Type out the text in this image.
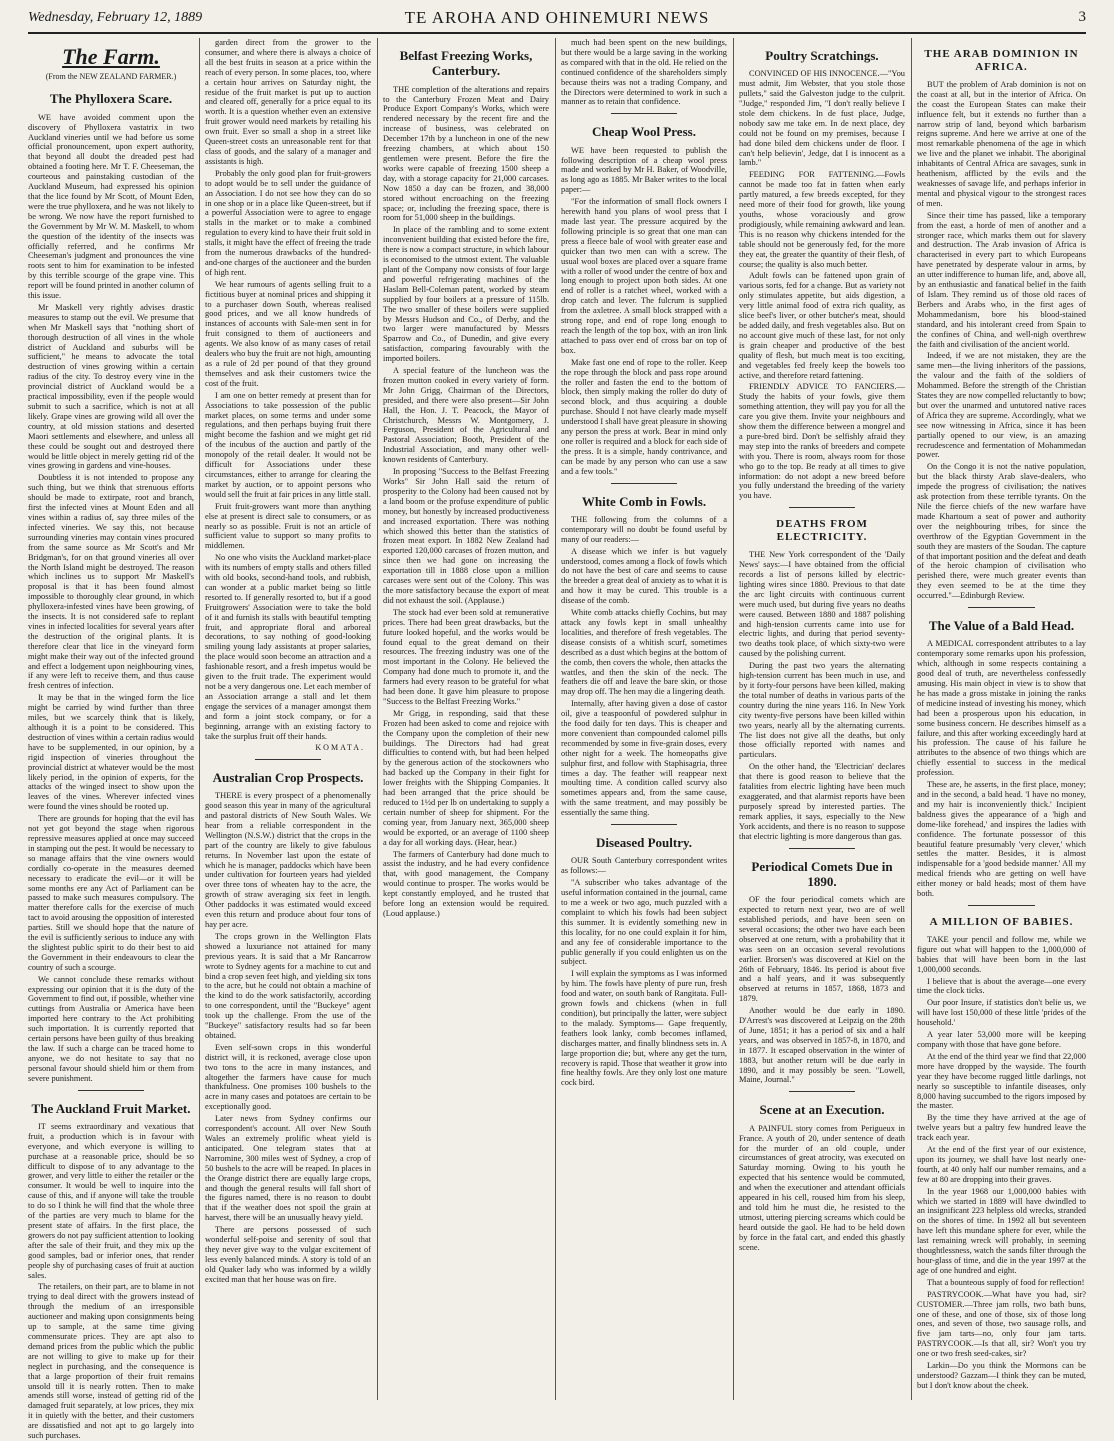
Wednesday, February 12, 1889	TE AROHA AND OHINEMURI NEWS	3
The Farm.
(From the NEW ZEALAND FARMER.)
The Phylloxera Scare.

WE have avoided comment upon the discovery of Phylloxera vastatrix in two Auckland vineries until we had before us some official pronouncement, upon expert authority, that beyond all doubt the dreaded pest had obtained a footing here. Mr T. F. Cheeseman, the courteous and painstaking custodian of the Auckland Museum, had expressed his opinion that the lice found by Mr Scott, of Mount Eden, were the true phylloxera, and he was not likely to be wrong. We now have the report furnished to the Government by Mr W. M. Maskell, to whom the question of the identity of the insects was officially referred, and he confirms Mr Cheeseman's judgment and pronounces the vine roots sent to him for examination to be infested by this terrible scourge of the grape vine. This report will be found printed in another column of this issue.

Mr Maskell very rightly advises drastic measures to stamp out the evil. We presume that when Mr Maskell says that "nothing short of thorough destruction of all vines in the whole district of Auckland and suburbs will be sufficient," he means to advocate the total destruction of vines growing within a certain radius of the city. To destroy every vine in the provincial district of Auckland would be a practical impossibility, even if the people would submit to such a sacrifice, which is not at all likely. Grape vines are growing wild all over the country, at old mission stations and deserted Maori settlements and elsewhere, and unless all these could be sought out and destroyed there would be little object in merely getting rid of the vines growing in gardens and vine-houses.

Doubtless it is not intended to propose any such thing, but we think that strenuous efforts should be made to extirpate, root and branch, first the infected vines at Mount Eden and all vines within a radius of, say three miles of the infected vineries. We say this, not because surrounding vineries may contain vines procured from the same source as Mr Scott's and Mr Bridgman's, for on that ground vineries all over the North Island might be destroyed. The reason which inclines us to support Mr Maskell's proposal is that it has been found almost impossible to thoroughly clear ground, in which phylloxera-infested vines have been growing, of the insects. It is not considered safe to replant vines in infected localities for several years after the destruction of the original plants. It is therefore clear that lice in the vineyard form might make their way out of the infected ground and effect a lodgement upon neighbouring vines, if any were left to receive them, and thus cause fresh centres of infection.

It may be that in the winged form the lice might be carried by wind further than three miles, but we scarcely think that is likely, although it is a point to be considered. This destruction of vines within a certain radius would have to be supplemented, in our opinion, by a rigid inspection of vineries throughout the provincial district at whatever would be the most likely period, in the opinion of experts, for the attacks of the winged insect to show upon the leaves of the vines. Wherever infected vines were found the vines should be rooted up.

There are grounds for hoping that the evil has not yet got beyond the stage when rigorous repressive measures applied at once may succeed in stamping out the pest. It would be necessary to so manage affairs that the vine owners would cordially co-operate in the measures deemed necessary to eradicate the evil—or it will be some months ere any Act of Parliament can be passed to make such measures compulsory. The matter therefore calls for the exercise of much tact to avoid arousing the opposition of interested parties. Still we should hope that the nature of the evil is sufficiently serious to induce any with the slightest public spirit to do their best to aid the Government in their endeavours to clear the country of such a scourge.

We cannot conclude these remarks without expressing our opinion that it is the duty of the Government to find out, if possible, whether vine cuttings from Australia or America have been imported here contrary to the Act prohibiting such importation. It is currently reported that certain persons have been guilty of thus breaking the law. If such a charge can be traced home to anyone, we do not hesitate to say that no personal favour should shield him or them from severe punishment.

The Auckland Fruit Market.

IT seems extraordinary and vexatious that fruit, a production which is in favour with everyone, and which everyone is willing to purchase at a reasonable price, should be so difficult to dispose of to any advantage to the grower, and very little to either the retailer or the consumer. It would be well to inquire into the cause of this, and if anyone will take the trouble to do so I think he will find that the whole three of the parties are very much to blame for the present state of affairs. In the first place, the growers do not pay sufficient attention to looking after the sale of their fruit, and they mix up the good samples, bad or inferior ones, that render people shy of purchasing cases of fruit at auction sales.

The retailers, on their part, are to blame in not trying to deal direct with the growers instead of through the medium of an irresponsible auctioneer and making upon consignments being up to sample, at the same time giving commensurate prices. They are apt also to demand prices from the public which the public are not willing to give to make up for their neglect in purchasing, and the consequence is that a large proportion of their fruit remains unsold till it is nearly rotten. Then to make amends still worse, instead of getting rid of the damaged fruit separately, at low prices, they mix it in quietly with the better, and their customers are dissatisfied and not apt to go largely into such purchases.

garden direct from the grower to the consumer, and where there is always a choice of all the best fruits in season at a price within the reach of every person. In some places, too, where a certain hour arrives on Saturday night, the residue of the fruit market is put up to auction and cleared off, generally for a price equal to its worth. It is a question whether even an extensive fruit grower would need markets by retailing his own fruit. Ever so small a shop in a street like Queen-street costs an unreasonable rent for that class of goods, and the salary of a manager and assistants is high.

Probably the only good plan for fruit-growers to adopt would be to sell under the guidance of an Association. I do not see how they can do so in one shop or in a place like Queen-street, but if a powerful Association were to agree to engage stalls in the market or to make a combined regulation to every kind to have their fruit sold in stalls, it might have the effect of freeing the trade from the numerous drawbacks of the hundred-and-one charges of the auctioneer and the burden of high rent.

We hear rumours of agents selling fruit to a fictitious buyer at nominal prices and shipping it to a purchaser down South, whereas realised good prices, and we all know hundreds of instances of accounts with Sale-men sent in for fruit consigned to them of auctioneers and agents. We also know of as many cases of retail dealers who buy the fruit are not high, amounting as a rule of 2d per pound of that they ground themselves and ask their customers twice the cost of the fruit.

I am one on better remedy at present than for Associations to take possession of the public market places, on some terms and under some regulations, and then perhaps buying fruit there might become the fashion and we might get rid of the incubus of the auction and partly of the monopoly of the retail dealer. It would not be difficult for Associations under these circumstances, either to arrange for clearing the market by auction, or to appoint persons who would sell the fruit at fair prices in any little stall.

Fruit fruit-growers want more than anything else at present is direct sale to consumers, or as nearly so as possible. Fruit is not an article of sufficient value to support so many profits to middlemen.

No one who visits the Auckland market-place with its numbers of empty stalls and others filled with old books, second-hand tools, and rubbish, can wonder at a public market being so little resorted to. If generally resorted to, but if a good Fruitgrowers' Association were to take the bold of it and furnish its stalls with beautiful tempting fruit, and appropriate floral and arboreal decorations, to say nothing of good-looking smiling young lady assistants at proper salaries, the place would soon become an attraction and a fashionable resort, and a fresh impetus would be given to the fruit trade. The experiment would not be a very dangerous one. Let each member of an Association arrange a stall and let them engage the services of a manager amongst them and form a joint stock company, or for a beginning, arrange with an existing factory to take the surplus fruit off their hands.

KOMATA.
Australian Crop Prospects.

THERE is every prospect of a phenomenally good season this year in many of the agricultural and pastoral districts of New South Wales. We hear from a reliable correspondent in the Wellington (N.S.W.) district that the crops in the part of the country are likely to give fabulous returns. In November last upon the estate of which he is manager, paddocks which have been under cultivation for fourteen years had yielded over three tons of wheaten hay to the acre, the growth of straw averaging six feet in length. Other paddocks it was estimated would exceed even this return and produce about four tons of hay per acre.

The crops grown in the Wellington Flats showed a luxuriance not attained for many previous years. It is said that a Mr Rancarrow wrote to Sydney agents for a machine to cut and bind a crop seven feet high, and yielding six tons to the acre, but he could not obtain a machine of the kind to do the work satisfactorily, according to one correspondent, until the "Buckeye" agent took up the challenge. From the use of the "Buckeye" satisfactory results had so far been obtained.

Even self-sown crops in this wonderful district will, it is reckoned, average close upon two tons to the acre in many instances, and altogether the farmers have cause for much thankfulness. One promises 100 bushels to the acre in many cases and potatoes are certain to be exceptionally good.

Later news from Sydney confirms our correspondent's account. All over New South Wales an extremely prolific wheat yield is anticipated. One telegram states that at Narromine, 300 miles west of Sydney, a crop of 50 bushels to the acre will be reaped. In places in the Orange district there are equally large crops, and though the general results will fall short of the figures named, there is no reason to doubt that if the weather does not spoil the grain at harvest, there will be an unusually heavy yield.

There are persons possessed of such wonderful self-poise and serenity of soul that they never give way to the vulgar excitement of less evenly balanced minds. A story is told of an old Quaker lady who was informed by a wildly excited man that her house was on fire.

Belfast Freezing Works, Canterbury.

THE completion of the alterations and repairs to the Canterbury Frozen Meat and Dairy Produce Export Company's Works, which were rendered necessary by the recent fire and the increase of business, was celebrated on December 17th by a luncheon in one of the new freezing chambers, at which about 150 gentlemen were present. Before the fire the works were capable of freezing 1500 sheep a day, with a storage capacity for 21,000 carcases. Now 1850 a day can be frozen, and 38,000 stored without encroaching on the freezing space; or, including the freezing space, there is room for 51,000 sheep in the buildings.

In place of the rambling and to some extent inconvenient building that existed before the fire, there is now a compact structure, in which labour is economised to the utmost extent. The valuable plant of the Company now consists of four large and powerful refrigerating machines of the Haslam Bell-Coleman patent, worked by steam supplied by four boilers at a pressure of 115lb. The two smaller of these boilers were supplied by Messrs Hudson and Co., of Derby, and the two larger were manufactured by Messrs Sparrow and Co., of Dunedin, and give every satisfaction, comparing favourably with the imported boilers.

A special feature of the luncheon was the frozen mutton cooked in every variety of form. Mr John Grigg, Chairman of the Directors, presided, and there were also present—Sir John Hall, the Hon. J. T. Peacock, the Mayor of Christchurch, Messrs W. Montgomery, J. Ferguson, President of the Agricultural and Pastoral Association; Booth, President of the Industrial Association, and many other well-known residents of Canterbury.

In proposing "Success to the Belfast Freezing Works" Sir John Hall said the return of prosperity to the Colony had been caused not by a land boom or the profuse expenditure of public money, but honestly by increased productiveness and increased exportation. There was nothing which showed this better than the statistics of frozen meat export. In 1882 New Zealand had exported 120,000 carcases of frozen mutton, and since then we had gone on increasing the exportation till in 1888 close upon a million carcases were sent out of the Colony. This was the more satisfactory because the export of meat did not exhaust the soil. (Applause.)

The stock had ever been sold at remunerative prices. There had been great drawbacks, but the future looked hopeful, and the works would be found equal to the great demand on their resources. The freezing industry was one of the most important in the Colony. He believed the Company had done much to promote it, and the farmers had every reason to be grateful for what had been done. It gave him pleasure to propose "Success to the Belfast Freezing Works."

Mr Grigg, in responding, said that these Frozen had been asked to come and rejoice with the Company upon the completion of their new buildings. The Directors had had great difficulties to contend with, but had been helped by the generous action of the stockowners who had backed up the Company in their fight for lower freights with the Shipping Companies. It had been arranged that the price should be reduced to 1½d per lb on undertaking to supply a certain number of sheep for shipment. For the coming year, from January next, 365,000 sheep would be exported, or an average of 1100 sheep a day for all working days. (Hear, hear.)

The farmers of Canterbury had done much to assist the industry, and he had every confidence that, with good management, the Company would continue to prosper. The works would be kept constantly employed, and he trusted that before long an extension would be required. (Loud applause.)

much had been spent on the new buildings, but there would be a large saving in the working as compared with that in the old. He relied on the continued confidence of the shareholders simply because theirs was not a trading Company, and the Directors were determined to work in such a manner as to retain that confidence.

Cheap Wool Press.

WE have been requested to publish the following description of a cheap wool press made and worked by Mr H. Baker, of Woodville, as long ago as 1885. Mr Baker writes to the local paper:—

"For the information of small flock owners I herewith hand you plans of wool press that I made last year. The pressure acquired by the following principle is so great that one man can press a fleece bale of wool with greater ease and quicker than two men can with a screw. The usual wool boxes are placed over a square frame with a roller of wood under the centre of box and long enough to project upon both sides. At one end of roller is a ratchet wheel, worked with a drop catch and lever. The fulcrum is supplied from the axletree. A small block strapped with a strong rope, and end of rope long enough to reach the length of the top box, with an iron link attached to pass over end of cross bar on top of box.

Make fast one end of rope to the roller. Keep the rope through the block and pass rope around the roller and fasten the end to the bottom of block, then simply making the roller do duty of second block, and thus acquiring a double purchase. Should I not have clearly made myself understood I shall have great pleasure in showing any person the press at work. Bear in mind only one roller is required and a block for each side of the press. It is a simple, handy contrivance, and can be made by any person who can use a saw and a few tools."

White Comb in Fowls.

THE following from the columns of a contemporary will no doubt be found useful by many of our readers:—

A disease which we infer is but vaguely understood, comes among a flock of fowls which do not have the best of care and seems to cause the breeder a great deal of anxiety as to what it is and how it may be cured. This trouble is a disease of the comb.

White comb attacks chiefly Cochins, but may attack any fowls kept in small unhealthy localities, and therefore of fresh vegetables. The disease consists of a whitish scurf, sometimes described as a dust which begins at the bottom of the comb, then covers the whole, then attacks the wattles, and then the skin of the neck. The feathers die off and leave the bare skin, or those may drop off. The hen may die a lingering death.

Internally, after having given a dose of castor oil, give a teaspoonful of powdered sulphur in the food daily for ten days. This is cheaper and more convenient than compounded calomel pills recommended by some in five-grain doses, every other night for a week. The homeopaths give sulphur first, and follow with Staphisagria, three times a day. The feather will reappear next moulting time. A condition called scurvy also sometimes appears and, from the same cause, with the same treatment, and may possibly be essentially the same thing.

Diseased Poultry.

OUR South Canterbury correspondent writes as follows:—

"A subscriber who takes advantage of the useful information contained in the journal, came to me a week or two ago, much puzzled with a complaint to which his fowls had been subject this summer. It is evidently something new in this locality, for no one could explain it for him, and any fee of considerable importance to the public generally if you could enlighten us on the subject.

I will explain the symptoms as I was informed by him. The fowls have plenty of pure run, fresh food and water, on south bank of Rangitata. Full-grown fowls and chickens (when in full condition), but principally the latter, were subject to the malady. Symptoms— Gape frequently, feathers look lanky, comb becomes inflamed, discharges matter, and finally blindness sets in. A large proportion die; but, where any get the turn, recovery is rapid. Those that weather it grow into fine healthy fowls. Are they only lost one mature cock bird.

Poultry Scratchings.

CONVINCED OF HIS INNOCENCE.—"You must admit, Jim Webster, that you stole those pullets," said the Galveston judge to the culprit. "Judge," responded Jim, "I don't really believe I stole dem chickens. In de fust place, Judge, nobody saw me take em. In de next place, dey could not be found on my premises, because I had done biled dem chickens under de floor. I can't help believin', Jedge, dat I is innocent as a lamb."

FEEDING FOR FATTENING.—Fowls cannot be made too fat in fatten when early partly matured, a few breeds excepted, for they need more of their food for growth, like young youths, whose voraciously and grow prodigiously, while remaining awkward and lean. This is no reason why chickens intended for the table should not be generously fed, for the more they eat, the greater the quantity of their flesh, of course; the quality is also much better.

Adult fowls can be fattened upon grain of various sorts, fed for a change. But as variety not only stimulates appetite, but aids digestion, a very little animal food of extra rich quality, as slice beef's liver, or other butcher's meat, should be added daily, and fresh vegetables also. But on no account give much of these last, for not only is grain cheaper and productive of the best quality of flesh, but much meat is too exciting, and vegetables fed freely keep the bowels too active, and therefore retard fattening.

FRIENDLY ADVICE TO FANCIERS.—Study the habits of your fowls, give them something attention, they will pay you for all the care you give them. Invite your neighbours and show them the difference between a mongrel and a pure-bred bird. Don't be selfishly afraid they may step into the ranks of breeders and compete with you. There is room, always room for those who go to the top. Be ready at all times to give information: do not adopt a new breed before you fully understand the breeding of the variety you have.

DEATHS FROM ELECTRICITY.

THE New York correspondent of the 'Daily News' says:—I have obtained from the official records a list of persons killed by electric-lighting wires since 1880. Previous to that date the arc light circuits with continuous current were much used, but during five years no deaths were caused. Between 1880 and 1887 polishing and high-tension currents came into use for electric lights, and during that period seventy-two deaths took place, of which sixty-two were caused by the polishing current.

During the past two years the alternating high-tension current has been much in use, and by it forty-four persons have been killed, making the total number of deaths in various parts of the country during the nine years 116. In New York city twenty-five persons have been killed within two years, nearly all by the alternating currents. The list does not give all the deaths, but only those officially reported with names and particulars.

On the other hand, the 'Electrician' declares that there is good reason to believe that the fatalities from electric lighting have been much exaggerated, and that alarmist reports have been purposely spread by interested parties. The remark applies, it says, especially to the New York accidents, and there is no reason to suppose that electric lighting is more dangerous than gas.

Periodical Comets Due in 1890.

OF the four periodical comets which are expected to return next year, two are of well established periods, and have been seen on several occasions; the other two have each been observed at one return, with a probability that it was seen on an occasion several revolutions earlier. Brorsen's was discovered at Kiel on the 26th of February, 1846. Its period is about five and a half years, and it was subsequently observed at returns in 1857, 1868, 1873 and 1879.

Another would be due early in 1890. D'Arrest's was discovered at Leipzig on the 28th of June, 1851; it has a period of six and a half years, and was observed in 1857-8, in 1870, and in 1877. It escaped observation in the winter of 1883, but another return will be due early in 1890, and it may possibly be seen. "Lowell, Maine, Journal."

Scene at an Execution.

A PAINFUL story comes from Perigueux in France. A youth of 20, under sentence of death for the murder of an old couple, under circumstances of great atrocity, was executed on Saturday morning. Owing to his youth he expected that his sentence would be commuted, and when the executioner and attendant officials appeared in his cell, roused him from his sleep, and told him he must die, he resisted to the utmost, uttering piercing screams which could be heard outside the gaol. He had to be held down by force in the fatal cart, and ended this ghastly scene.

THE ARAB DOMINION IN AFRICA.

BUT the problem of Arab dominion is not on the coast at all, but in the interior of Africa. On the coast the European States can make their influence felt, but it extends no further than a narrow strip of land, beyond which barbarism reigns supreme. And here we arrive at one of the most remarkable phenomena of the age in which we live and the planet we inhabit. The aboriginal inhabitants of Central Africa are savages, sunk in heathenism, afflicted by the evils and the weaknesses of savage life, and perhaps inferior in mental and physical vigour to the strongest races of men.

Since their time has passed, like a temporary from the east, a horde of men of another and a stronger race, which marks them out for slavery and destruction. The Arab invasion of Africa is characterised in every part to which Europeans have penetrated by desperate valour in arms, by an utter indifference to human life, and, above all, by an enthusiastic and fanatical belief in the faith of Islam. They remind us of those old races of Berbers and Arabs who, in the first ages of Mohammedanism, bore his blood-stained standard, and his intolerant creed from Spain to the confines of China, and well-nigh overthrew the faith and civilisation of the ancient world.

Indeed, if we are not mistaken, they are the same men—the living inheritors of the passions, the valour and the faith of the soldiers of Mohammed. Before the strength of the Christian States they are now compelled reluctantly to bow; but over the unarmed and untutored native races of Africa they are supreme. Accordingly, what we see now witnessing in Africa, since it has been partially opened to our view, is an amazing recrudescence and fermentation of Mohammedan power.

On the Congo it is not the native population, but the black thirsty Arab slave-dealers, who impede the progress of civilisation; the natives ask protection from these terrible tyrants. On the Nile the fierce chiefs of the new warfare have made Khartoum a seat of power and authority over the neighbouring tribes, for since the overthrow of the Egyptian Government in the south they are masters of the Soudan. The capture of that important position and the defeat and death of the heroic champion of civilisation who perished there, were much greater events than they even seemed to be at the time they occurred."—Edinburgh Review.

The Value of a Bald Head.

A MEDICAL correspondent attributes to a lay contemporary some remarks upon his profession, which, although in some respects containing a good deal of truth, are nevertheless confessedly amusing. His main object in view is to show that he has made a gross mistake in joining the ranks of medicine instead of investing his money, which had been a prosperous upon his education, in some business concern. He describes himself as a failure, and this after working exceedingly hard at his profession. The cause of his failure he attributes to the absence of two things which are chiefly essential to success in the medical profession.

These are, he asserts, in the first place, money; and in the second, a bald head. 'I have no money, and my hair is inconveniently thick.' Incipient baldness gives the appearance of a 'high and dome-like forehead,' and inspires the ladies with confidence. The fortunate possessor of this beautiful feature presumably 'very clever,' which settles the matter. Besides, it is almost indispensable for a 'good bedside manner.' All my medical friends who are getting on well have either money or bald heads; most of them have both.

A MILLION OF BABIES.

TAKE your pencil and follow me, while we figure out what will happen to the 1,000,000 of babies that will have been born in the last 1,000,000 seconds.

I believe that is about the average—one every time the clock ticks.

Our poor Insure, if statistics don't belie us, we will have lost 150,000 of these little 'prides of the household.'

A year later 53,000 more will be keeping company with those that have gone before.

At the end of the third year we find that 22,000 more have dropped by the wayside. The fourth year they have become rugged little darlings, not nearly so susceptible to infantile diseases, only 8,000 having succumbed to the rigors imposed by the master.

By the time they have arrived at the age of twelve years but a paltry few hundred leave the track each year.

At the end of the first year of our existence, upon its journey, we shall have lost nearly one-fourth, at 40 only half our number remains, and a few at 80 are dropping into their graves.

In the year 1968 our 1,000,000 babies with which we started in 1889 will have dwindled to an insignificant 223 helpless old wrecks, stranded on the shores of time. In 1992 all but seventeen have left this mundane sphere for ever, while the last remaining wreck will probably, in seeming thoughtlessness, watch the sands filter through the hour-glass of time, and die in the year 1997 at the age of one hundred and eight.

That a bounteous supply of food for reflection!

PASTRYCOOK.—What have you had, sir? CUSTOMER.—Three jam rolls, two bath buns, one of these, and one of those, six of those long ones, and seven of those, two sausage rolls, and five jam tarts—no, only four jam tarts. PASTRYCOOK.—Is that all, sir? Won't you try one or two fresh seed-cakes, sir?

Larkin—Do you think the Mormons can be understood? Gazzam—I think they can be muted, but I don't know about the cheek.
